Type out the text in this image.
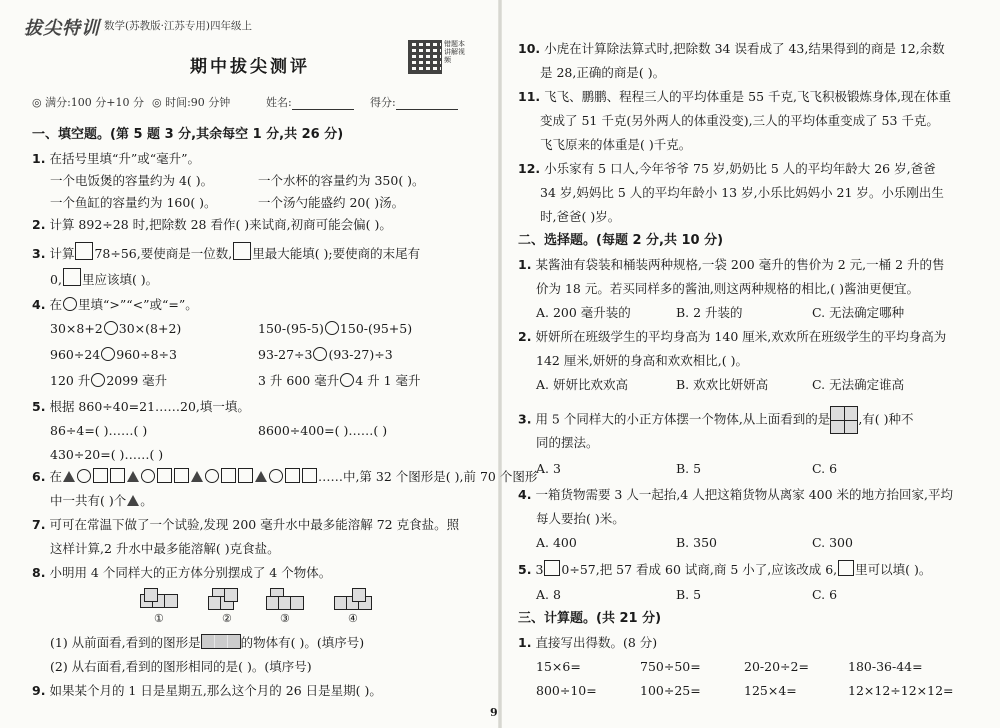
拔尖特训 数学(苏教版·江苏专用)四年级上
期中拔尖测评
错题本讲解视频
◎ 满分:100 分+10 分 ◎ 时间:90 分钟	姓名:	得分:
一、填空题。(第 5 题 3 分,其余每空 1 分,共 26 分)
1. 在括号里填“升”或“毫升”。
一个电饭煲的容量约为 4( )。	一个水杯的容量约为 350( )。
一个鱼缸的容量约为 160( )。	一个汤勺能盛约 20( )汤。
2. 计算 892÷28 时,把除数 28 看作( )来试商,初商可能会偏( )。
3. 计算 78÷56,要使商是一位数, 里最大能填( );要使商的末尾有
0, 里应该填( )。
4. 在 里填“>”“<”或“=”。
30×8+2 30×(8+2)	150-(95-5) 150-(95+5)
960÷24 960÷8÷3	93-27÷3 (93-27)÷3
120 升 2099 毫升	3 升 600 毫升 4 升 1 毫升
5. 根据 860÷40=21……20,填一填。
86÷4=( )……( )	8600÷400=( )……( )
430÷20=( )……( )
6. 在	……中,第 32 个图形是( ),前 70 个图形
中一共有( )个 。
7. 可可在常温下做了一个试验,发现 200 毫升水中最多能溶解 72 克食盐。照
这样计算,2 升水中最多能溶解( )克食盐。
8. 小明用 4 个同样大的正方体分别摆成了 4 个物体。
①	②	③	④
(1) 从前面看,看到的图形是	的物体有( )。(填序号)
(2) 从右面看,看到的图形相同的是( )。(填序号)
9. 如果某个月的 1 日是星期五,那么这个月的 26 日是星期( )。
10. 小虎在计算除法算式时,把除数 34 误看成了 43,结果得到的商是 12,余数
是 28,正确的商是( )。
11. 飞飞、鹏鹏、程程三人的平均体重是 55 千克,飞飞积极锻炼身体,现在体重
变成了 51 千克(另外两人的体重没变),三人的平均体重变成了 53 千克。
飞飞原来的体重是( )千克。
12. 小乐家有 5 口人,今年爷爷 75 岁,奶奶比 5 人的平均年龄大 26 岁,爸爸
34 岁,妈妈比 5 人的平均年龄小 13 岁,小乐比妈妈小 21 岁。小乐刚出生
时,爸爸( )岁。
二、选择题。(每题 2 分,共 10 分)
1. 某酱油有袋装和桶装两种规格,一袋 200 毫升的售价为 2 元,一桶 2 升的售
价为 18 元。若买同样多的酱油,则这两种规格的相比,( )酱油更便宜。
A. 200 毫升装的	B. 2 升装的	C. 无法确定哪种
2. 妍妍所在班级学生的平均身高为 140 厘米,欢欢所在班级学生的平均身高为
142 厘米,妍妍的身高和欢欢相比,( )。
A. 妍妍比欢欢高	B. 欢欢比妍妍高	C. 无法确定谁高
3. 用 5 个同样大的小正方体摆一个物体,从上面看到的是 ,有( )种不
同的摆法。
A. 3	B. 5	C. 6
4. 一箱货物需要 3 人一起抬,4 人把这箱货物从离家 400 米的地方抬回家,平均
每人要抬( )米。
A. 400	B. 350	C. 300
5. 3 0÷57,把 57 看成 60 试商,商 5 小了,应该改成 6, 里可以填( )。
A. 8	B. 5	C. 6
三、计算题。(共 21 分)
1. 直接写出得数。(8 分)
15×6=	750÷50=	20-20÷2=	180-36-44=
800÷10=	100÷25=	125×4=	12×12÷12×12=
9
